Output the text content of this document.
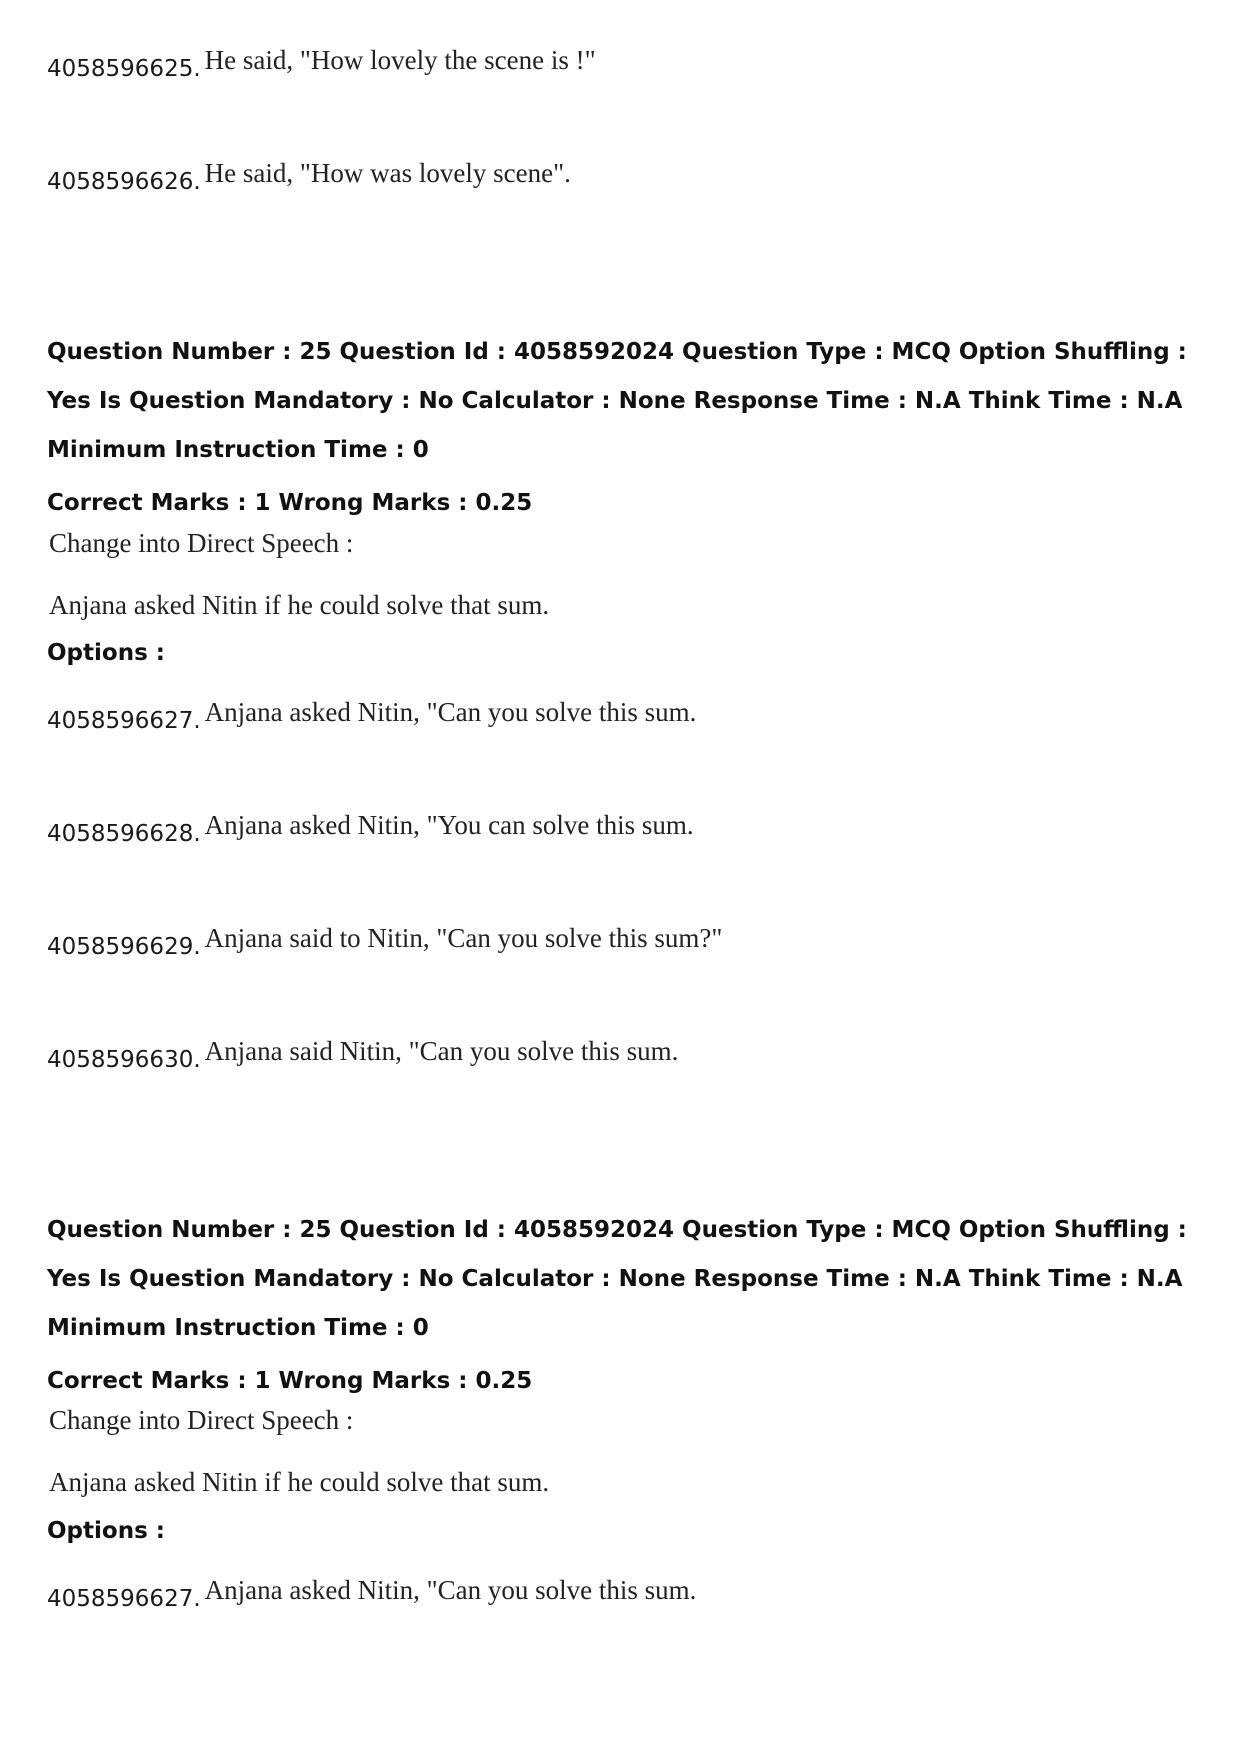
4058596625. He said, "How lovely the scene is !"
4058596626. He said, "How was lovely scene".
Question Number : 25 Question Id : 4058592024 Question Type : MCQ Option Shuffling : Yes Is Question Mandatory : No Calculator : None Response Time : N.A Think Time : N.A Minimum Instruction Time : 0
Correct Marks : 1 Wrong Marks : 0.25
Change into Direct Speech :
Anjana asked Nitin if he could solve that sum.
Options :
4058596627. Anjana asked Nitin, "Can you solve this sum.
4058596628. Anjana asked Nitin, "You can solve this sum.
4058596629. Anjana said to Nitin, "Can you solve this sum?"
4058596630. Anjana said Nitin, "Can you solve this sum.
Question Number : 25 Question Id : 4058592024 Question Type : MCQ Option Shuffling : Yes Is Question Mandatory : No Calculator : None Response Time : N.A Think Time : N.A Minimum Instruction Time : 0
Correct Marks : 1 Wrong Marks : 0.25
Change into Direct Speech :
Anjana asked Nitin if he could solve that sum.
Options :
4058596627. Anjana asked Nitin, "Can you solve this sum.
